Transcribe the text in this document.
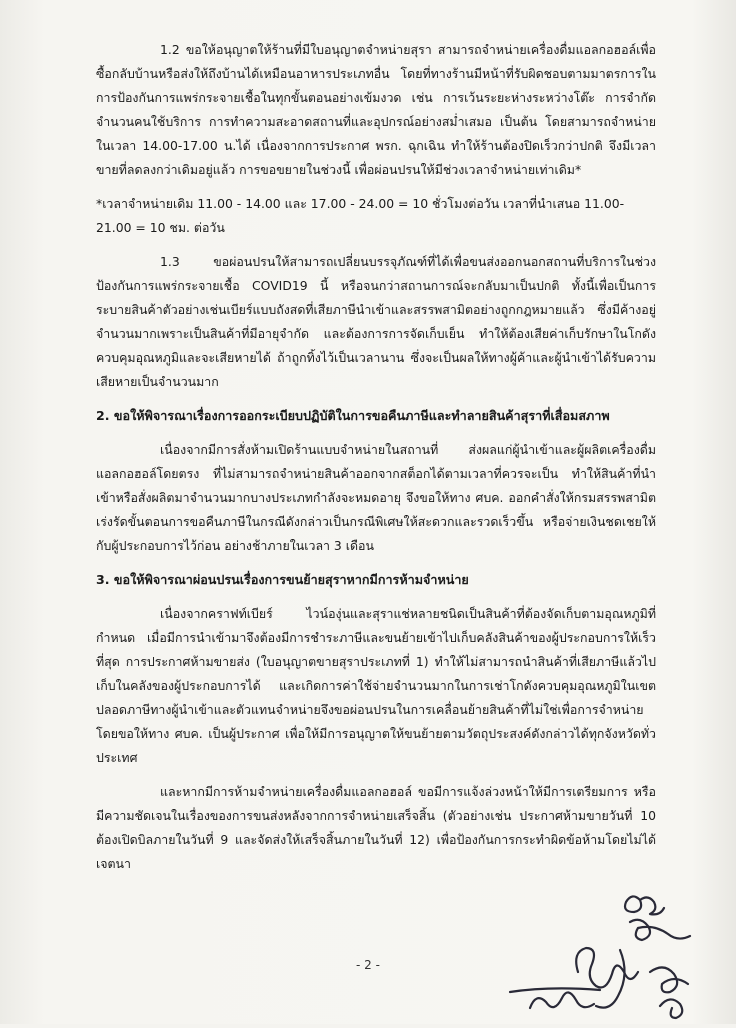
1.2 ขอให้อนุญาตให้ร้านที่มีใบอนุญาตจำหน่ายสุรา สามารถจำหน่ายเครื่องดื่มแอลกอฮอล์เพื่อซื้อกลับบ้านหรือส่งให้ถึงบ้านได้เหมือนอาหารประเภทอื่น โดยที่ทางร้านมีหน้าที่รับผิดชอบตามมาตรการในการป้องกันการแพร่กระจายเชื้อในทุกขั้นตอนอย่างเข้มงวด เช่น การเว้นระยะห่างระหว่างโต๊ะ การจำกัดจำนวนคนใช้บริการ การทำความสะอาดสถานที่และอุปกรณ์อย่างสม่ำเสมอ เป็นต้น โดยสามารถจำหน่ายในเวลา 14.00-17.00 น.ได้ เนื่องจากการประกาศ พรก. ฉุกเฉิน ทำให้ร้านต้องปิดเร็วกว่าปกติ จึงมีเวลาขายที่ลดลงกว่าเดิมอยู่แล้ว การขอขยายในช่วงนี้ เพื่อผ่อนปรนให้มีช่วงเวลาจำหน่ายเท่าเดิม*

*เวลาจำหน่ายเดิม 11.00 - 14.00 และ 17.00 - 24.00 = 10 ชั่วโมงต่อวัน เวลาที่นำเสนอ 11.00-21.00 = 10 ชม. ต่อวัน

1.3 ขอผ่อนปรนให้สามารถเปลี่ยนบรรจุภัณฑ์ที่ได้เพื่อขนส่งออกนอกสถานที่บริการในช่วงป้องกันการแพร่กระจายเชื้อ COVID19 นี้ หรือจนกว่าสถานการณ์จะกลับมาเป็นปกติ ทั้งนี้เพื่อเป็นการระบายสินค้าตัวอย่างเช่นเบียร์แบบถังสดที่เสียภาษีนำเข้าและสรรพสามิตอย่างถูกกฎหมายแล้ว ซึ่งมีค้างอยู่จำนวนมากเพราะเป็นสินค้าที่มีอายุจำกัด และต้องการการจัดเก็บเย็น ทำให้ต้องเสียค่าเก็บรักษาในโกดังควบคุมอุณหภูมิและจะเสียหายได้ ถ้าถูกทิ้งไว้เป็นเวลานาน ซึ่งจะเป็นผลให้ทางผู้ค้าและผู้นำเข้าได้รับความเสียหายเป็นจำนวนมาก

2. ขอให้พิจารณาเรื่องการออกระเบียบปฏิบัติในการขอคืนภาษีและทำลายสินค้าสุราที่เสื่อมสภาพ

เนื่องจากมีการสั่งห้ามเปิดร้านแบบจำหน่ายในสถานที่ ส่งผลแก่ผู้นำเข้าและผู้ผลิตเครื่องดื่มแอลกอฮอล์โดยตรง ที่ไม่สามารถจำหน่ายสินค้าออกจากสต็อกได้ตามเวลาที่ควรจะเป็น ทำให้สินค้าที่นำเข้าหรือสั่งผลิตมาจำนวนมากบางประเภทกำลังจะหมดอายุ จึงขอให้ทาง ศบค. ออกคำสั่งให้กรมสรรพสามิตเร่งรัดขั้นตอนการขอคืนภาษีในกรณีดังกล่าวเป็นกรณีพิเศษให้สะดวกและรวดเร็วขึ้น หรือจ่ายเงินชดเชยให้กับผู้ประกอบการไว้ก่อน อย่างช้าภายในเวลา 3 เดือน

3. ขอให้พิจารณาผ่อนปรนเรื่องการขนย้ายสุราหากมีการห้ามจำหน่าย

เนื่องจากคราฟท์เบียร์ ไวน์องุ่นและสุราแช่หลายชนิดเป็นสินค้าที่ต้องจัดเก็บตามอุณหภูมิที่กำหนด เมื่อมีการนำเข้ามาจึงต้องมีการชำระภาษีและขนย้ายเข้าไปเก็บคลังสินค้าของผู้ประกอบการให้เร็วที่สุด การประกาศห้ามขายส่ง (ใบอนุญาตขายสุราประเภทที่ 1) ทำให้ไม่สามารถนำสินค้าที่เสียภาษีแล้วไปเก็บในคลังของผู้ประกอบการได้ และเกิดการค่าใช้จ่ายจำนวนมากในการเช่าโกดังควบคุมอุณหภูมิในเขตปลอดภาษีทางผู้นำเข้าและตัวแทนจำหน่ายจึงขอผ่อนปรนในการเคลื่อนย้ายสินค้าที่ไม่ใช่เพื่อการจำหน่าย โดยขอให้ทาง ศบค. เป็นผู้ประกาศ เพื่อให้มีการอนุญาตให้ขนย้ายตามวัตถุประสงค์ดังกล่าวได้ทุกจังหวัดทั่วประเทศ

และหากมีการห้ามจำหน่ายเครื่องดื่มแอลกอฮอล์ ขอมีการแจ้งล่วงหน้าให้มีการเตรียมการ หรือมีความชัดเจนในเรื่องของการขนส่งหลังจากการจำหน่ายเสร็จสิ้น (ตัวอย่างเช่น ประกาศห้ามขายวันที่ 10 ต้องเปิดบิลภายในวันที่ 9 และจัดส่งให้เสร็จสิ้นภายในวันที่ 12) เพื่อป้องกันการกระทำผิดข้อห้ามโดยไม่ได้เจตนา

- 2 -
